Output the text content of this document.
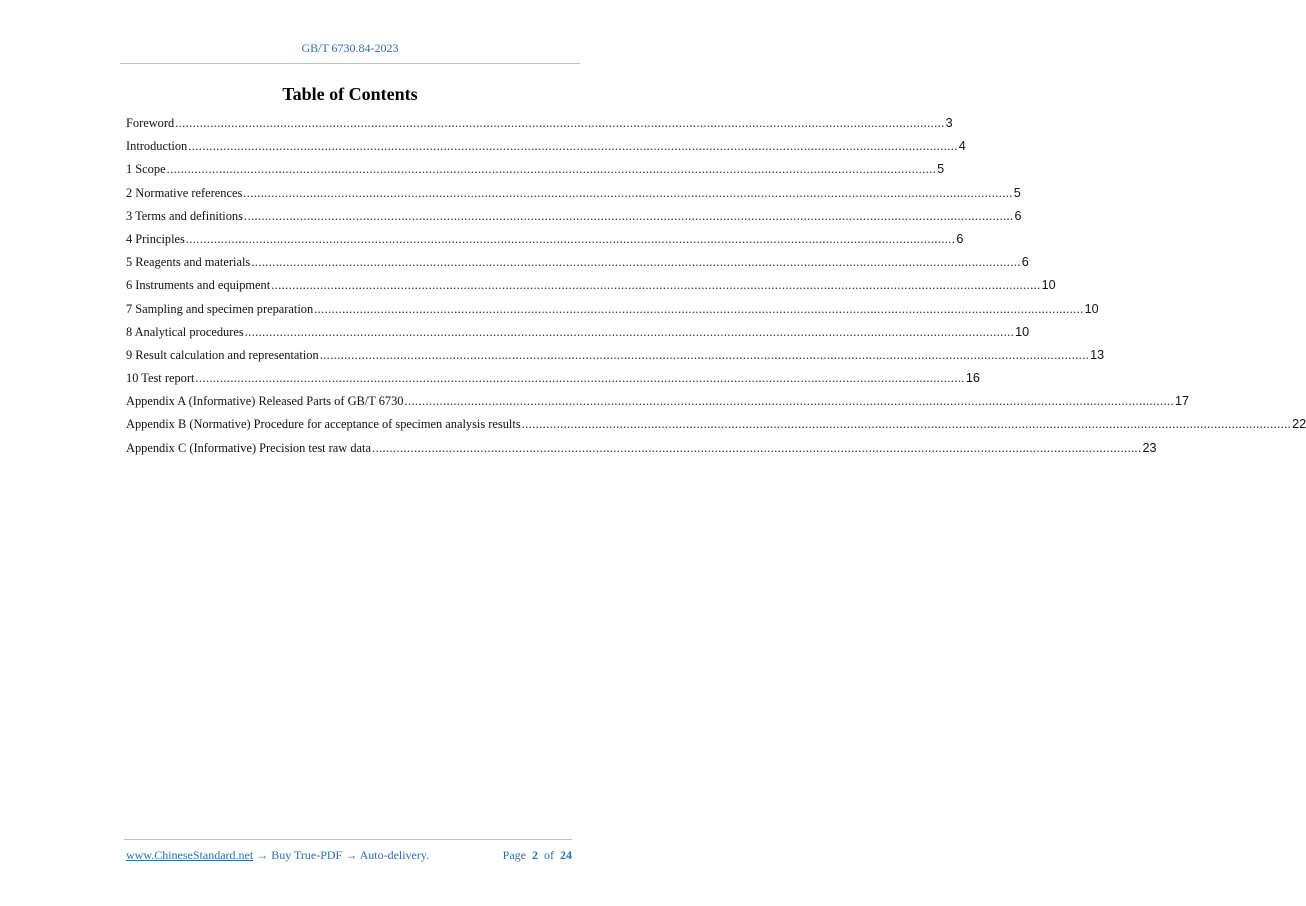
GB/T 6730.84-2023
Table of Contents
Foreword ............................................................................................................................................................................................................................ 3
Introduction ............................................................................................................................................................................................................................ 4
1 Scope ............................................................................................................................................................................................................................ 5
2 Normative references ............................................................................................................................................................................................................................ 5
3 Terms and definitions ............................................................................................................................................................................................................................ 6
4 Principles ............................................................................................................................................................................................................................ 6
5 Reagents and materials ............................................................................................................................................................................................................................ 6
6 Instruments and equipment ............................................................................................................................................................................................................................ 10
7 Sampling and specimen preparation ............................................................................................................................................................................................................................ 10
8 Analytical procedures ............................................................................................................................................................................................................................ 10
9 Result calculation and representation ............................................................................................................................................................................................................................ 13
10 Test report ............................................................................................................................................................................................................................ 16
Appendix A (Informative) Released Parts of GB/T 6730 ............................................................................................................................................................................................................................ 17
Appendix B (Normative) Procedure for acceptance of specimen analysis results ............................................................................................................................................................................................................................ 22
Appendix C (Informative) Precision test raw data ............................................................................................................................................................................................................................ 23
www.ChineseStandard.net → Buy True-PDF → Auto-delivery.	Page 2 of 24
